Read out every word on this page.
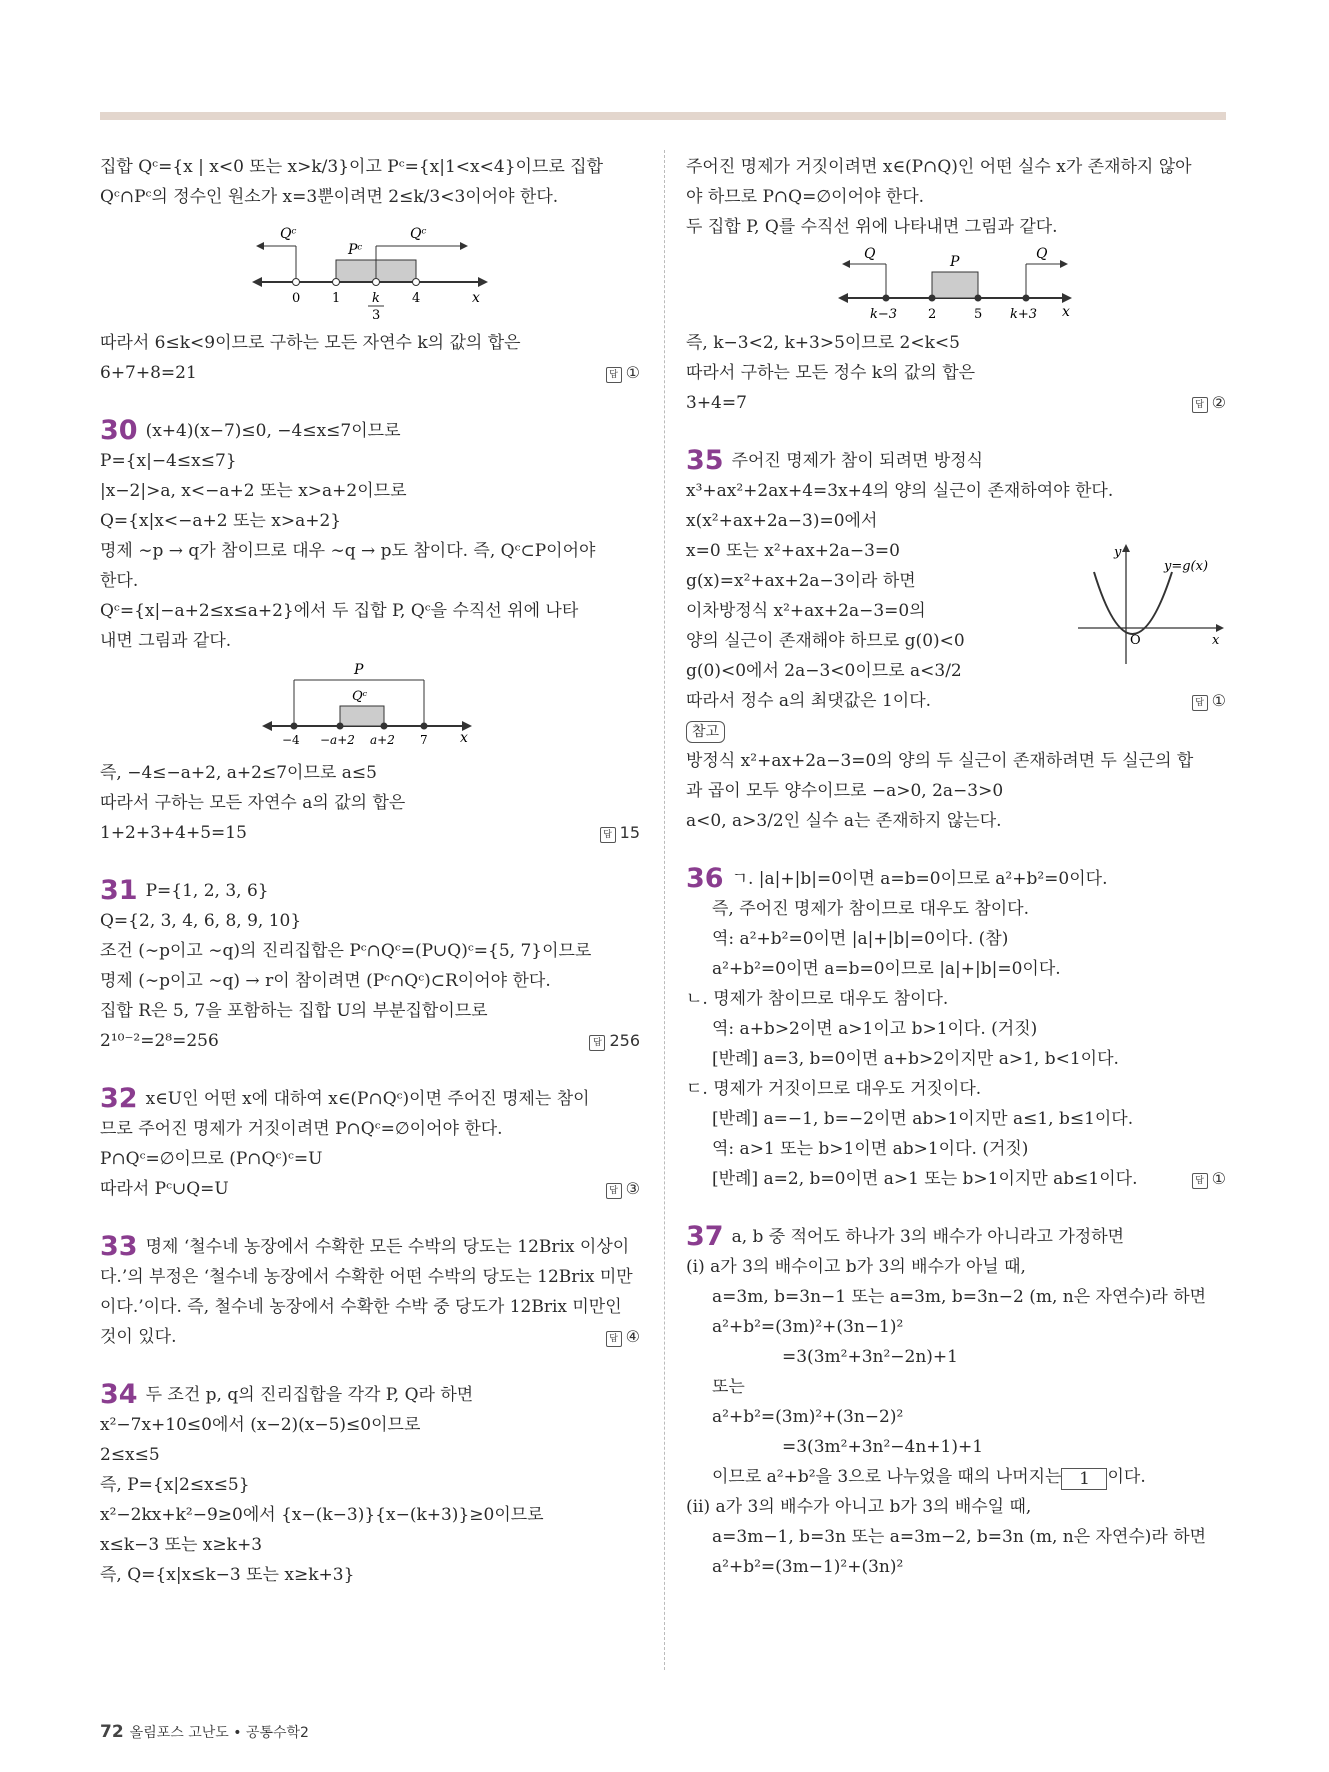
집합 Qᶜ={x | x<0 또는 x>k/3}이고 Pᶜ={x|1<x<4}이므로 집합
Qᶜ∩Pᶜ의 정수인 원소가 x=3뿐이려면 2≤k/3<3이어야 한다.
Qᶜ
Pᶜ
Qᶜ
0 1 k
3
4	x
따라서 6≤k<9이므로 구하는 모든 자연수 k의 값의 합은
6+7+8=21	답 ①
30 (x+4)(x−7)≤0, −4≤x≤7이므로
P={x|−4≤x≤7}
|x−2|>a, x<−a+2 또는 x>a+2이므로
Q={x|x<−a+2 또는 x>a+2}
명제 ∼p → q가 참이므로 대우 ∼q → p도 참이다. 즉, Qᶜ⊂P이어야
한다.
Qᶜ={x|−a+2≤x≤a+2}에서 두 집합 P, Qᶜ을 수직선 위에 나타
내면 그림과 같다.
P
Qᶜ
−4 −a+2 a+2 7 x
즉, −4≤−a+2, a+2≤7이므로 a≤5
따라서 구하는 모든 자연수 a의 값의 합은
1+2+3+4+5=15	답 15
31 P={1, 2, 3, 6}
Q={2, 3, 4, 6, 8, 9, 10}
조건 (∼p이고 ∼q)의 진리집합은 Pᶜ∩Qᶜ=(P∪Q)ᶜ={5, 7}이므로
명제 (∼p이고 ∼q) → r이 참이려면 (Pᶜ∩Qᶜ)⊂R이어야 한다.
집합 R은 5, 7을 포함하는 집합 U의 부분집합이므로
2¹⁰⁻²=2⁸=256	답 256
32 x∈U인 어떤 x에 대하여 x∈(P∩Qᶜ)이면 주어진 명제는 참이
므로 주어진 명제가 거짓이려면 P∩Qᶜ=∅이어야 한다.
P∩Qᶜ=∅이므로 (P∩Qᶜ)ᶜ=U
따라서 Pᶜ∪Q=U	답 ③
33 명제 ‘철수네 농장에서 수확한 모든 수박의 당도는 12Brix 이상이
다.’의 부정은 ‘철수네 농장에서 수확한 어떤 수박의 당도는 12Brix 미만
이다.’이다. 즉, 철수네 농장에서 수확한 수박 중 당도가 12Brix 미만인
것이 있다.	답 ④
34 두 조건 p, q의 진리집합을 각각 P, Q라 하면
x²−7x+10≤0에서 (x−2)(x−5)≤0이므로
2≤x≤5
즉, P={x|2≤x≤5}
x²−2kx+k²−9≥0에서 {x−(k−3)}{x−(k+3)}≥0이므로
x≤k−3 또는 x≥k+3
즉, Q={x|x≤k−3 또는 x≥k+3}
주어진 명제가 거짓이려면 x∈(P∩Q)인 어떤 실수 x가 존재하지 않아
야 하므로 P∩Q=∅이어야 한다.
두 집합 P, Q를 수직선 위에 나타내면 그림과 같다.
Q	P	Q
k−3 2	5 k+3 x
즉, k−3<2, k+3>5이므로 2<k<5
따라서 구하는 모든 정수 k의 값의 합은
3+4=7	답 ②
35 주어진 명제가 참이 되려면 방정식
x³+ax²+2ax+4=3x+4의 양의 실근이 존재하여야 한다.
x(x²+ax+2a−3)=0에서
x=0 또는 x²+ax+2a−3=0
g(x)=x²+ax+2a−3이라 하면
이차방정식 x²+ax+2a−3=0의
양의 실근이 존재해야 하므로 g(0)<0
g(0)<0에서 2a−3<0이므로 a<3/2
따라서 정수 a의 최댓값은 1이다.	답 ①
y
y=g(x)
O	x
참고
방정식 x²+ax+2a−3=0의 양의 두 실근이 존재하려면 두 실근의 합
과 곱이 모두 양수이므로 −a>0, 2a−3>0
a<0, a>3/2인 실수 a는 존재하지 않는다.
36 ㄱ. |a|+|b|=0이면 a=b=0이므로 a²+b²=0이다.
즉, 주어진 명제가 참이므로 대우도 참이다.
역: a²+b²=0이면 |a|+|b|=0이다. (참)
a²+b²=0이면 a=b=0이므로 |a|+|b|=0이다.
ㄴ. 명제가 참이므로 대우도 참이다.
역: a+b>2이면 a>1이고 b>1이다. (거짓)
[반례] a=3, b=0이면 a+b>2이지만 a>1, b<1이다.
ㄷ. 명제가 거짓이므로 대우도 거짓이다.
[반례] a=−1, b=−2이면 ab>1이지만 a≤1, b≤1이다.
역: a>1 또는 b>1이면 ab>1이다. (거짓)
[반례] a=2, b=0이면 a>1 또는 b>1이지만 ab≤1이다.	답 ①
37 a, b 중 적어도 하나가 3의 배수가 아니라고 가정하면
(ⅰ) a가 3의 배수이고 b가 3의 배수가 아닐 때,
a=3m, b=3n−1 또는 a=3m, b=3n−2 (m, n은 자연수)라 하면
a²+b²=(3m)²+(3n−1)²
=3(3m²+3n²−2n)+1
또는
a²+b²=(3m)²+(3n−2)²
=3(3m²+3n²−4n+1)+1
이므로 a²+b²을 3으로 나누었을 때의 나머지는 1 이다.
(ⅱ) a가 3의 배수가 아니고 b가 3의 배수일 때,
a=3m−1, b=3n 또는 a=3m−2, b=3n (m, n은 자연수)라 하면
a²+b²=(3m−1)²+(3n)²
72 올림포스 고난도 • 공통수학2
